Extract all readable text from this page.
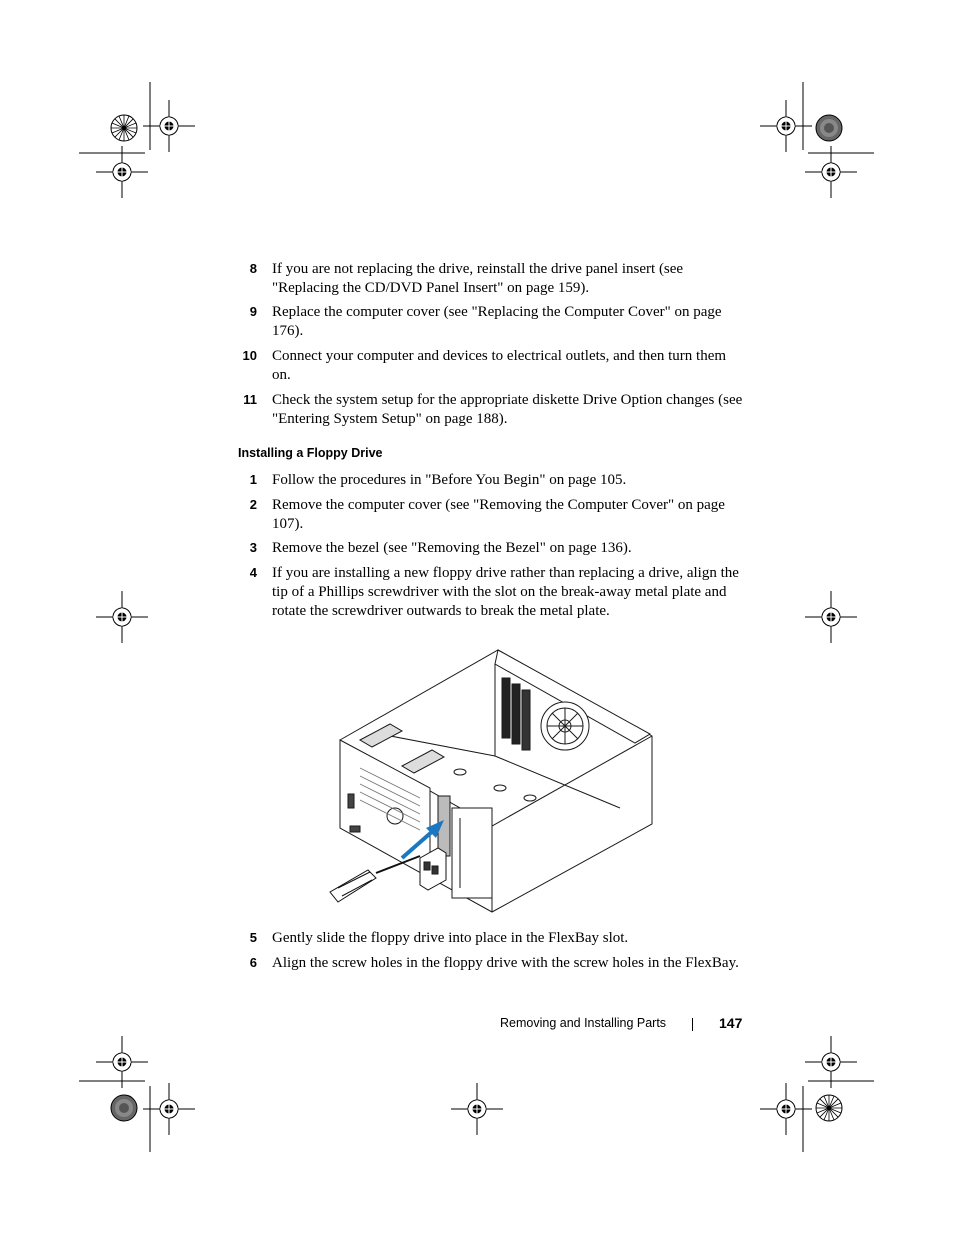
8 If you are not replacing the drive, reinstall the drive panel insert (see "Replacing the CD/DVD Panel Insert" on page 159).

9 Replace the computer cover (see "Replacing the Computer Cover" on page 176).

10 Connect your computer and devices to electrical outlets, and then turn them on.

11 Check the system setup for the appropriate diskette Drive Option changes (see "Entering System Setup" on page 188).

Installing a Floppy Drive
1 Follow the procedures in "Before You Begin" on page 105.

2 Remove the computer cover (see "Removing the Computer Cover" on page 107).

3 Remove the bezel (see "Removing the Bezel" on page 136).

4 If you are installing a new floppy drive rather than replacing a drive, align the tip of a Phillips screwdriver with the slot on the break-away metal plate and rotate the screwdriver outwards to break the metal plate.

5 Gently slide the floppy drive into place in the FlexBay slot.

6 Align the screw holes in the floppy drive with the screw holes in the FlexBay.

Removing and Installing Parts	147
